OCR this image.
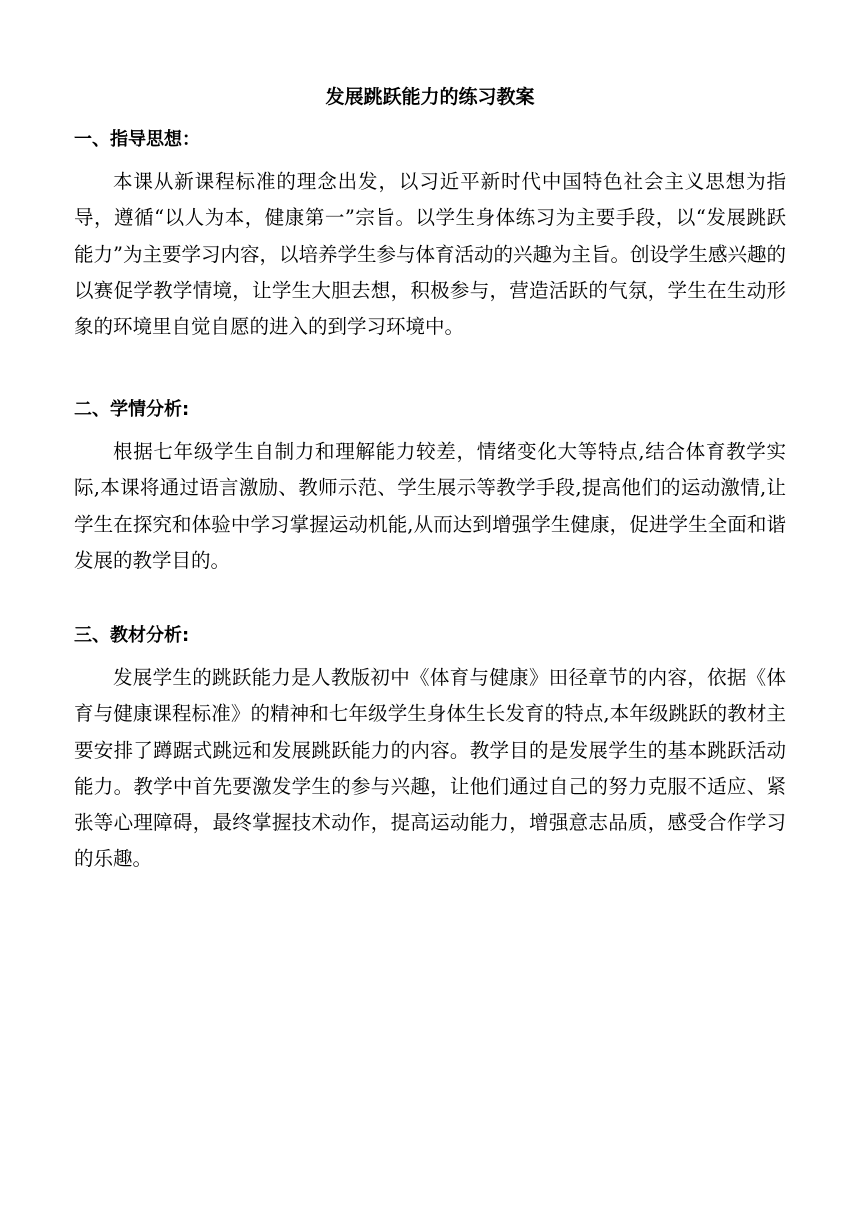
发展跳跃能力的练习教案
一、指导思想：

本课从新课程标准的理念出发，以习近平新时代中国特色社会主义思想为指导，遵循“以人为本，健康第一”宗旨。以学生身体练习为主要手段，以“发展跳跃能力”为主要学习内容，以培养学生参与体育活动的兴趣为主旨。创设学生感兴趣的以赛促学教学情境，让学生大胆去想，积极参与，营造活跃的气氛，学生在生动形象的环境里自觉自愿的进入的到学习环境中。

二、学情分析:

根据七年级学生自制力和理解能力较差，情绪变化大等特点,结合体育教学实际,本课将通过语言激励、教师示范、学生展示等教学手段,提高他们的运动激情,让学生在探究和体验中学习掌握运动机能,从而达到增强学生健康，促进学生全面和谐发展的教学目的。

三、教材分析:

发展学生的跳跃能力是人教版初中《体育与健康》田径章节的内容，依据《体育与健康课程标准》的精神和七年级学生身体生长发育的特点,本年级跳跃的教材主要安排了蹲踞式跳远和发展跳跃能力的内容。教学目的是发展学生的基本跳跃活动能力。教学中首先要激发学生的参与兴趣，让他们通过自己的努力克服不适应、紧张等心理障碍，最终掌握技术动作，提高运动能力，增强意志品质，感受合作学习的乐趣。
